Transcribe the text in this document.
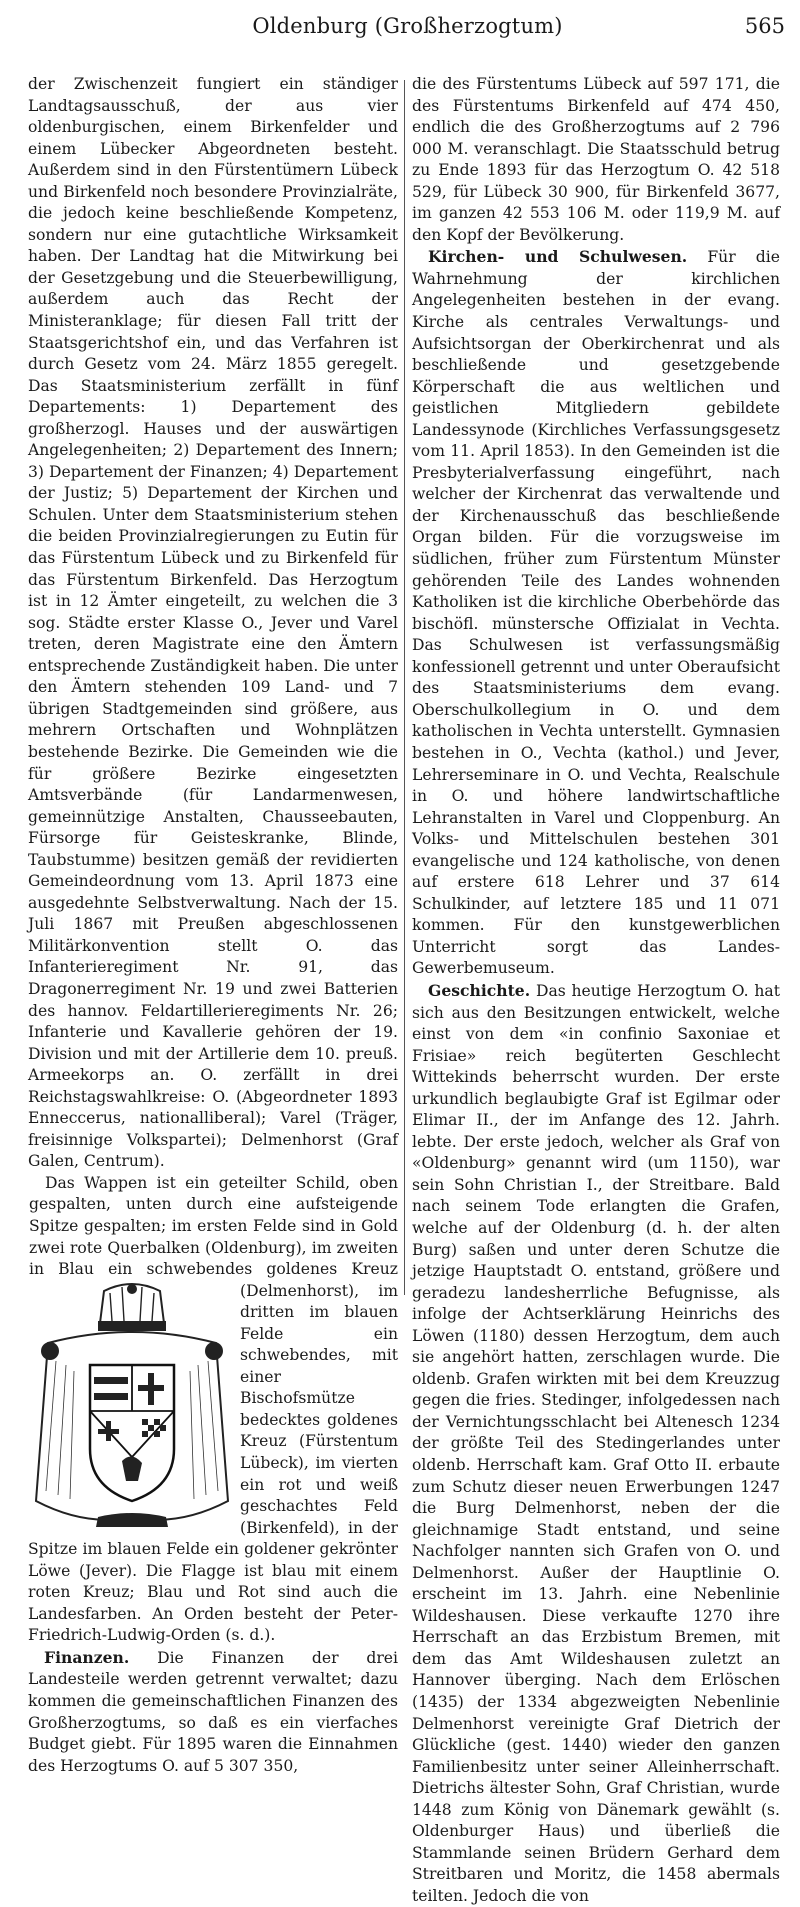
Oldenburg (Großherzogtum)	565

der Zwischenzeit fungiert ein ständiger Landtagsausschuß, der aus vier oldenburgischen, einem Birkenfelder und einem Lübecker Abgeordneten besteht. Außerdem sind in den Fürstentümern Lübeck und Birkenfeld noch besondere Provinzialräte, die jedoch keine beschließende Kompetenz, sondern nur eine gutachtliche Wirksamkeit haben. Der Landtag hat die Mitwirkung bei der Gesetzgebung und die Steuerbewilligung, außerdem auch das Recht der Ministeranklage; für diesen Fall tritt der Staatsgerichtshof ein, und das Verfahren ist durch Gesetz vom 24. März 1855 geregelt. Das Staatsministerium zerfällt in fünf Departements: 1) Departement des großherzogl. Hauses und der auswärtigen Angelegenheiten; 2) Departement des Innern; 3) Departement der Finanzen; 4) Departement der Justiz; 5) Departement der Kirchen und Schulen. Unter dem Staatsministerium stehen die beiden Provinzialregierungen zu Eutin für das Fürstentum Lübeck und zu Birkenfeld für das Fürstentum Birkenfeld. Das Herzogtum ist in 12 Ämter eingeteilt, zu welchen die 3 sog. Städte erster Klasse O., Jever und Varel treten, deren Magistrate eine den Ämtern entsprechende Zuständigkeit haben. Die unter den Ämtern stehenden 109 Land- und 7 übrigen Stadtgemeinden sind größere, aus mehrern Ortschaften und Wohnplätzen bestehende Bezirke. Die Gemeinden wie die für größere Bezirke eingesetzten Amtsverbände (für Landarmenwesen, gemeinnützige Anstalten, Chausseebauten, Fürsorge für Geisteskranke, Blinde, Taubstumme) besitzen gemäß der revidierten Gemeindeordnung vom 13. April 1873 eine ausgedehnte Selbstverwaltung. Nach der 15. Juli 1867 mit Preußen abgeschlossenen Militärkonvention stellt O. das Infanterieregiment Nr. 91, das Dragonerregiment Nr. 19 und zwei Batterien des hannov. Feldartillerieregiments Nr. 26; Infanterie und Kavallerie gehören der 19. Division und mit der Artillerie dem 10. preuß. Armeekorps an. O. zerfällt in drei Reichstagswahlkreise: O. (Abgeordneter 1893 Enneccerus, nationalliberal); Varel (Träger, freisinnige Volkspartei); Delmenhorst (Graf Galen, Centrum).

Das Wappen ist ein geteilter Schild, oben gespalten, unten durch eine aufsteigende Spitze gespalten; im ersten Felde sind in Gold zwei rote Querbalken (Oldenburg), im zweiten in Blau ein schwebendes goldenes Kreuz (Delmenhorst), im dritten im blauen Felde ein schwebendes, mit einer Bischofsmütze bedecktes goldenes Kreuz (Fürstentum Lübeck), im vierten ein rot und weiß geschachtes Feld (Birkenfeld), in der Spitze im blauen Felde ein goldener gekrönter Löwe (Jever). Die Flagge ist blau mit einem roten Kreuz; Blau und Rot sind auch die Landesfarben. An Orden besteht der Peter-Friedrich-Ludwig-Orden (s. d.).

Finanzen. Die Finanzen der drei Landesteile werden getrennt verwaltet; dazu kommen die gemeinschaftlichen Finanzen des Großherzogtums, so daß es ein vierfaches Budget giebt. Für 1895 waren die Einnahmen des Herzogtums O. auf 5 307 350,

die des Fürstentums Lübeck auf 597 171, die des Fürstentums Birkenfeld auf 474 450, endlich die des Großherzogtums auf 2 796 000 M. veranschlagt. Die Staatsschuld betrug zu Ende 1893 für das Herzogtum O. 42 518 529, für Lübeck 30 900, für Birkenfeld 3677, im ganzen 42 553 106 M. oder 119,9 M. auf den Kopf der Bevölkerung.

Kirchen- und Schulwesen. Für die Wahrnehmung der kirchlichen Angelegenheiten bestehen in der evang. Kirche als centrales Verwaltungs- und Aufsichtsorgan der Oberkirchenrat und als beschließende und gesetzgebende Körperschaft die aus weltlichen und geistlichen Mitgliedern gebildete Landessynode (Kirchliches Verfassungsgesetz vom 11. April 1853). In den Gemeinden ist die Presbyterialverfassung eingeführt, nach welcher der Kirchenrat das verwaltende und der Kirchenausschuß das beschließende Organ bilden. Für die vorzugsweise im südlichen, früher zum Fürstentum Münster gehörenden Teile des Landes wohnenden Katholiken ist die kirchliche Oberbehörde das bischöfl. münstersche Offizialat in Vechta. Das Schulwesen ist verfassungsmäßig konfessionell getrennt und unter Oberaufsicht des Staatsministeriums dem evang. Oberschulkollegium in O. und dem katholischen in Vechta unterstellt. Gymnasien bestehen in O., Vechta (kathol.) und Jever, Lehrerseminare in O. und Vechta, Realschule in O. und höhere landwirtschaftliche Lehranstalten in Varel und Cloppenburg. An Volks- und Mittelschulen bestehen 301 evangelische und 124 katholische, von denen auf erstere 618 Lehrer und 37 614 Schulkinder, auf letztere 185 und 11 071 kommen. Für den kunstgewerblichen Unterricht sorgt das Landes-Gewerbemuseum.

Geschichte. Das heutige Herzogtum O. hat sich aus den Besitzungen entwickelt, welche einst von dem «in confinio Saxoniae et Frisiae» reich begüterten Geschlecht Wittekinds beherrscht wurden. Der erste urkundlich beglaubigte Graf ist Egilmar oder Elimar II., der im Anfange des 12. Jahrh. lebte. Der erste jedoch, welcher als Graf von «Oldenburg» genannt wird (um 1150), war sein Sohn Christian I., der Streitbare. Bald nach seinem Tode erlangten die Grafen, welche auf der Oldenburg (d. h. der alten Burg) saßen und unter deren Schutze die jetzige Hauptstadt O. entstand, größere und geradezu landesherrliche Befugnisse, als infolge der Achtserklärung Heinrichs des Löwen (1180) dessen Herzogtum, dem auch sie angehört hatten, zerschlagen wurde. Die oldenb. Grafen wirkten mit bei dem Kreuzzug gegen die fries. Stedinger, infolgedessen nach der Vernichtungsschlacht bei Altenesch 1234 der größte Teil des Stedingerlandes unter oldenb. Herrschaft kam. Graf Otto II. erbaute zum Schutz dieser neuen Erwerbungen 1247 die Burg Delmenhorst, neben der die gleichnamige Stadt entstand, und seine Nachfolger nannten sich Grafen von O. und Delmenhorst. Außer der Hauptlinie O. erscheint im 13. Jahrh. eine Nebenlinie Wildeshausen. Diese verkaufte 1270 ihre Herrschaft an das Erzbistum Bremen, mit dem das Amt Wildeshausen zuletzt an Hannover überging. Nach dem Erlöschen (1435) der 1334 abgezweigten Nebenlinie Delmenhorst vereinigte Graf Dietrich der Glückliche (gest. 1440) wieder den ganzen Familienbesitz unter seiner Alleinherrschaft. Dietrichs ältester Sohn, Graf Christian, wurde 1448 zum König von Dänemark gewählt (s. Oldenburger Haus) und überließ die Stammlande seinen Brüdern Gerhard dem Streitbaren und Moritz, die 1458 abermals teilten. Jedoch die von
